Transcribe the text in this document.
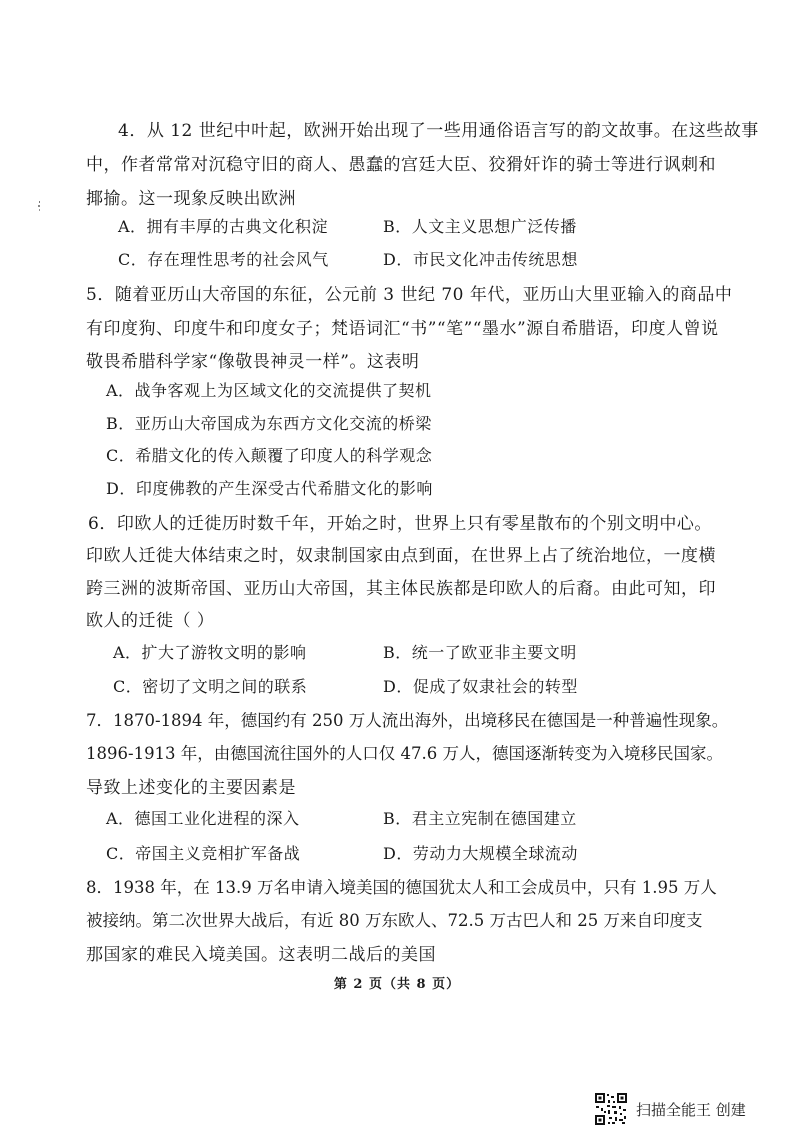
4．从 12 世纪中叶起，欧洲开始出现了一些用通俗语言写的韵文故事。在这些故事
中，作者常常对沉稳守旧的商人、愚蠢的宫廷大臣、狡猾奸诈的骑士等进行讽刺和
揶揄。这一现象反映出欧洲
A．拥有丰厚的古典文化积淀	B．人文主义思想广泛传播
C．存在理性思考的社会风气	D．市民文化冲击传统思想
5．随着亚历山大帝国的东征，公元前 3 世纪 70 年代，亚历山大里亚输入的商品中
有印度狗、印度牛和印度女子；梵语词汇“书”“笔”“墨水”源自希腊语，印度人曾说
敬畏希腊科学家“像敬畏神灵一样”。这表明
A．战争客观上为区域文化的交流提供了契机
B．亚历山大帝国成为东西方文化交流的桥梁
C．希腊文化的传入颠覆了印度人的科学观念
D．印度佛教的产生深受古代希腊文化的影响
6．印欧人的迁徙历时数千年，开始之时，世界上只有零星散布的个别文明中心。
印欧人迁徙大体结束之时，奴隶制国家由点到面，在世界上占了统治地位，一度横
跨三洲的波斯帝国、亚历山大帝国，其主体民族都是印欧人的后裔。由此可知，印
欧人的迁徙（ ）
A．扩大了游牧文明的影响	B．统一了欧亚非主要文明
C．密切了文明之间的联系	D．促成了奴隶社会的转型
7．1870-1894 年，德国约有 250 万人流出海外，出境移民在德国是一种普遍性现象。
1896-1913 年，由德国流往国外的人口仅 47.6 万人，德国逐渐转变为入境移民国家。
导致上述变化的主要因素是
A．德国工业化进程的深入	B．君主立宪制在德国建立
C．帝国主义竞相扩军备战	D．劳动力大规模全球流动
8．1938 年，在 13.9 万名申请入境美国的德国犹太人和工会成员中，只有 1.95 万人
被接纳。第二次世界大战后，有近 80 万东欧人、72.5 万古巴人和 25 万来自印度支
那国家的难民入境美国。这表明二战后的美国
第 2 页（共 8 页）
扫描全能王 创建
